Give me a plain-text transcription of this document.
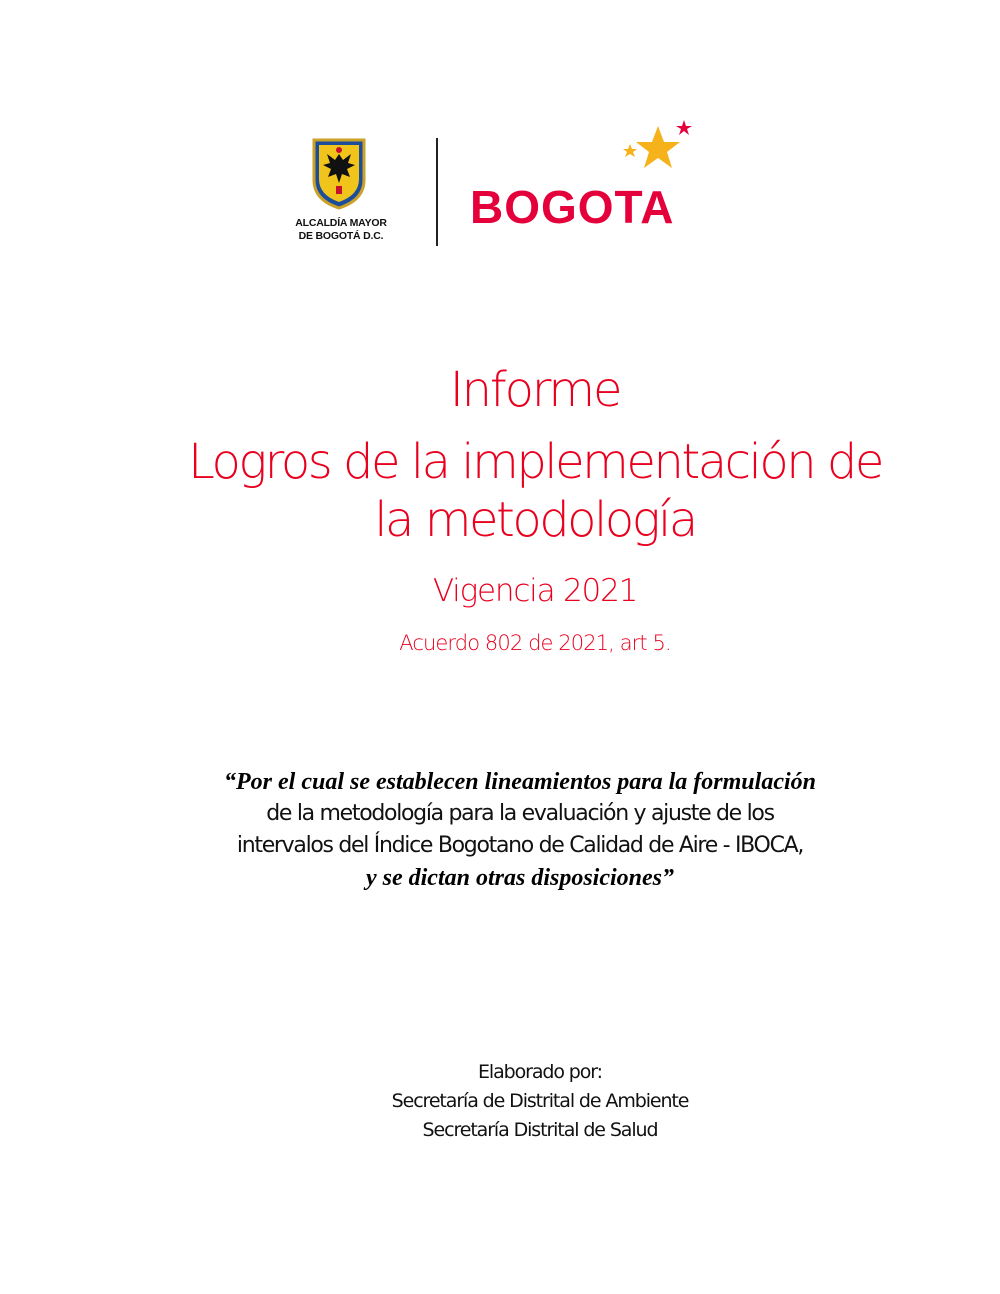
ALCALDÍA MAYOR
DE BOGOTÁ D.C.
BOGOTA
Informe
Logros de la implementación de
la metodología
Vigencia 2021
Acuerdo 802 de 2021, art 5.
“Por el cual se establecen lineamientos para la formulación
de la metodología para la evaluación y ajuste de los
intervalos del Índice Bogotano de Calidad de Aire - IBOCA,
y se dictan otras disposiciones”
Elaborado por:
Secretaría de Distrital de Ambiente
Secretaría Distrital de Salud
